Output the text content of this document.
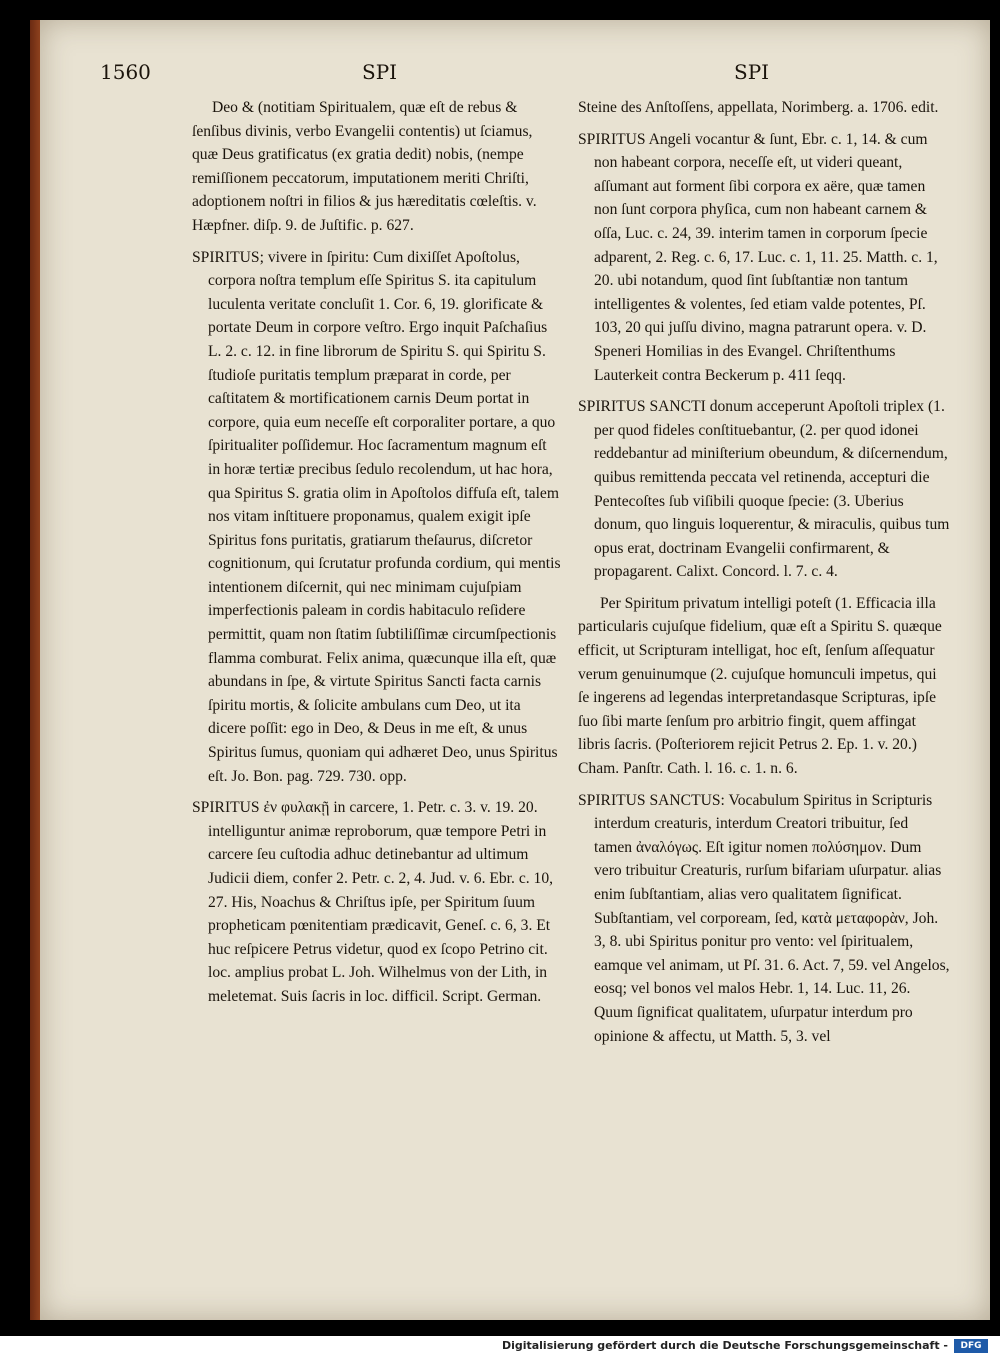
1560	SPI	SPI

Deo & (notitiam Spiritualem, quæ eſt de rebus & ſenſibus divinis, verbo Evangelii contentis) ut ſciamus, quæ Deus gratificatus (ex gratia dedit) nobis, (nempe remiſſionem peccatorum, imputationem meriti Chriſti, adoptionem noſtri in filios & jus hæreditatis cœleſtis. v. Hæpfner. diſp. 9. de Juſtific. p. 627.

SPIRITUS; vivere in ſpiritu: Cum dixiſſet Apoſtolus, corpora noſtra templum eſſe Spiritus S. ita capitulum luculenta veritate concluſit 1. Cor. 6, 19. glorificate & portate Deum in corpore veſtro. Ergo inquit Paſchaſius L. 2. c. 12. in fine librorum de Spiritu S. qui Spiritu S. ſtudioſe puritatis templum præparat in corde, per caſtitatem & mortificationem carnis Deum portat in corpore, quia eum neceſſe eſt corporaliter portare, a quo ſpiritualiter poſſidemur. Hoc ſacramentum magnum eſt in horæ tertiæ precibus ſedulo recolendum, ut hac hora, qua Spiritus S. gratia olim in Apoſtolos diffuſa eſt, talem nos vitam inſtituere proponamus, qualem exigit ipſe Spiritus fons puritatis, gratiarum theſaurus, diſcretor cognitionum, qui ſcrutatur profunda cordium, qui mentis intentionem diſcernit, qui nec minimam cujuſpiam imperfectionis paleam in cordis habitaculo reſidere permittit, quam non ſtatim ſubtiliſſimæ circumſpectionis flamma comburat. Felix anima, quæcunque illa eſt, quæ abundans in ſpe, & virtute Spiritus Sancti facta carnis ſpiritu mortis, & ſolicite ambulans cum Deo, ut ita dicere poſſit: ego in Deo, & Deus in me eſt, & unus Spiritus ſumus, quoniam qui adhæret Deo, unus Spiritus eſt. Jo. Bon. pag. 729. 730. opp.

SPIRITUS ἐν φυλακῇ in carcere, 1. Petr. c. 3. v. 19. 20. intelliguntur animæ reproborum, quæ tempore Petri in carcere ſeu cuſtodia adhuc detinebantur ad ultimum Judicii diem, confer 2. Petr. c. 2, 4. Jud. v. 6. Ebr. c. 10, 27. His, Noachus & Chriſtus ipſe, per Spiritum ſuum propheticam pœnitentiam prædicavit, Geneſ. c. 6, 3. Et huc reſpicere Petrus videtur, quod ex ſcopo Petrino cit. loc. amplius probat L. Joh. Wilhelmus von der Lith, in meletemat. Suis ſacris in loc. difficil. Script. German.

Steine des Anſtoſſens, appellata, Norimberg. a. 1706. edit.

SPIRITUS Angeli vocantur & ſunt, Ebr. c. 1, 14. & cum non habeant corpora, neceſſe eſt, ut videri queant, aſſumant aut forment ſibi corpora ex aëre, quæ tamen non ſunt corpora phyſica, cum non habeant carnem & oſſa, Luc. c. 24, 39. interim tamen in corporum ſpecie adparent, 2. Reg. c. 6, 17. Luc. c. 1, 11. 25. Matth. c. 1, 20. ubi notandum, quod ſint ſubſtantiæ non tantum intelligentes & volentes, ſed etiam valde potentes, Pſ. 103, 20 qui juſſu divino, magna patrarunt opera. v. D. Speneri Homilias in des Evangel. Chriſtenthums Lauterkeit contra Beckerum p. 411 ſeqq.

SPIRITUS SANCTI donum acceperunt Apoſtoli triplex (1. per quod fideles conſtituebantur, (2. per quod idonei reddebantur ad miniſterium obeundum, & diſcernendum, quibus remittenda peccata vel retinenda, accepturi die Pentecoſtes ſub viſibili quoque ſpecie: (3. Uberius donum, quo linguis loquerentur, & miraculis, quibus tum opus erat, doctrinam Evangelii confirmarent, & propagarent. Calixt. Concord. l. 7. c. 4.

Per Spiritum privatum intelligi poteſt (1. Efficacia illa particularis cujuſque fidelium, quæ eſt a Spiritu S. quæque efficit, ut Scripturam intelligat, hoc eſt, ſenſum aſſequatur verum genuinumque (2. cujuſque homunculi impetus, qui ſe ingerens ad legendas interpretandasque Scripturas, ipſe ſuo ſibi marte ſenſum pro arbitrio fingit, quem affingat libris ſacris. (Poſteriorem rejicit Petrus 2. Ep. 1. v. 20.) Cham. Panſtr. Cath. l. 16. c. 1. n. 6.

SPIRITUS SANCTUS: Vocabulum Spiritus in Scripturis interdum creaturis, interdum Creatori tribuitur, ſed tamen ἀναλόγως. Eſt igitur nomen πολύσημον. Dum vero tribuitur Creaturis, rurſum bifariam uſurpatur. alias enim ſubſtantiam, alias vero qualitatem ſignificat. Subſtantiam, vel corpoream, ſed, κατὰ μεταφορὰν, Joh. 3, 8. ubi Spiritus ponitur pro vento: vel ſpiritualem, eamque vel animam, ut Pſ. 31. 6. Act. 7, 59. vel Angelos, eosq; vel bonos vel malos Hebr. 1, 14. Luc. 11, 26. Quum ſignificat qualitatem, uſurpatur interdum pro opinione & affectu, ut Matth. 5, 3. vel

Digitalisierung gefördert durch die Deutsche Forschungsgemeinschaft -	DFG
